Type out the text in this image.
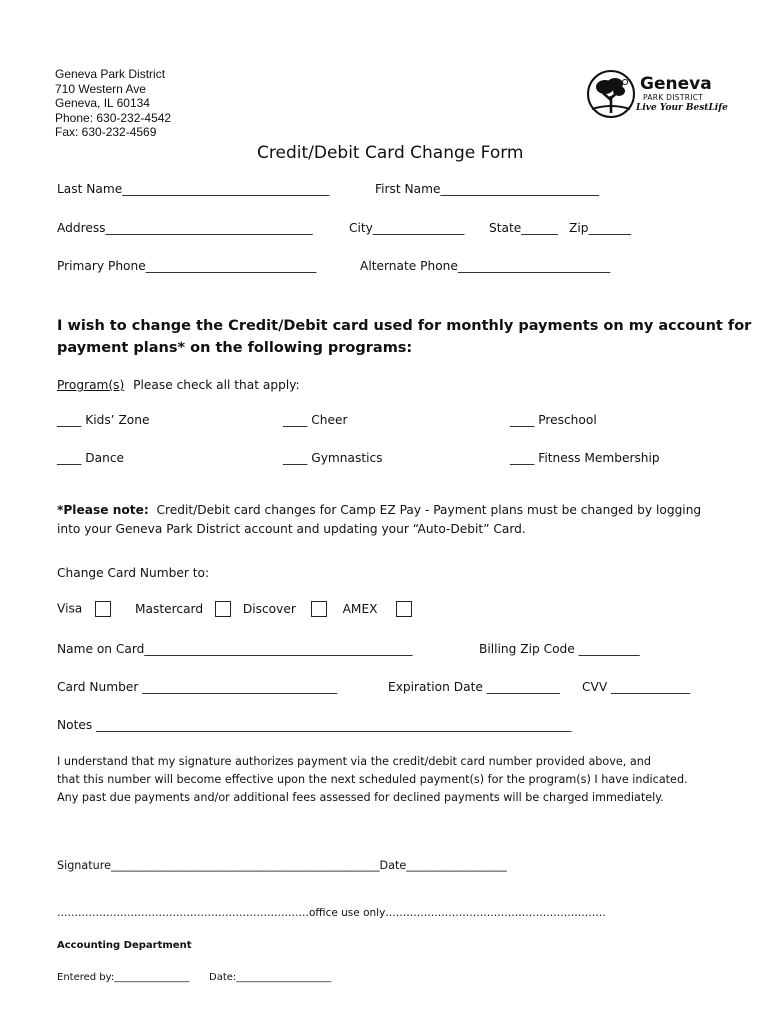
Geneva Park District
710 Western Ave
Geneva, IL 60134
Phone: 630-232-4542
Fax: 630-232-4569
Geneva
PARK DISTRICT
Live Your BestLife
Credit/Debit Card Change Form
Last Name__________________________________	First Name__________________________
Address__________________________________	City_______________ State______ Zip_______
Primary Phone____________________________	Alternate Phone_________________________
I wish to change the Credit/Debit card used for monthly payments on my account for
payment plans* on the following programs:
Program(s) Please check all that apply:
____ Kids’ Zone	____ Cheer	____ Preschool
____ Dance	____ Gymnastics	____ Fitness Membership
*Please note: Credit/Debit card changes for Camp EZ Pay - Payment plans must be changed by logging
into your Geneva Park District account and updating your “Auto-Debit” Card.
Change Card Number to:
Visa	Mastercard	Discover	AMEX
Name on Card____________________________________________	Billing Zip Code __________
Card Number ________________________________	Expiration Date ____________ CVV _____________
Notes ______________________________________________________________________________
I understand that my signature authorizes payment via the credit/debit card number provided above, and
that this number will become effective upon the next scheduled payment(s) for the program(s) I have indicated.
Any past due payments and/or additional fees assessed for declined payments will be charged immediately.
Signature________________________________________________Date__________________
………………………………………………………………office use only………………………………………………………
Accounting Department
Entered by:_______________ Date:___________________
